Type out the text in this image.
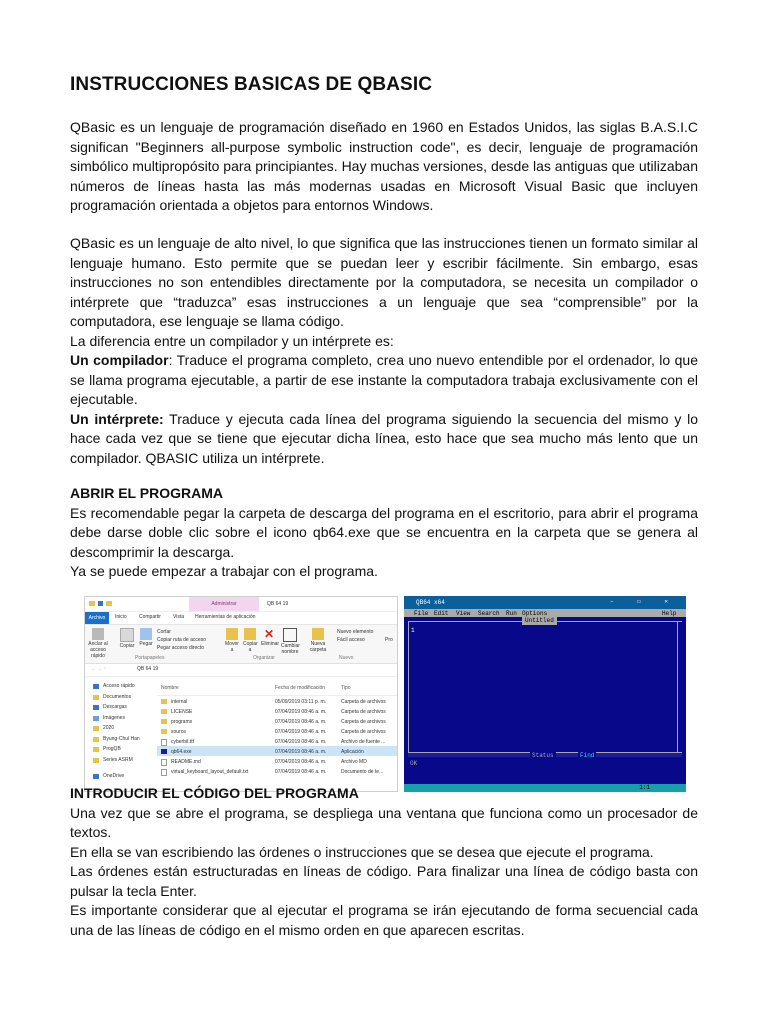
INSTRUCCIONES BASICAS DE QBASIC

QBasic es un lenguaje de programación diseñado en 1960 en Estados Unidos, las siglas B.A.S.I.C significan "Beginners all-purpose symbolic instruction code", es decir, lenguaje de programación simbólico multipropósito para principiantes. Hay muchas versiones, desde las antiguas que utilizaban números de líneas hasta las más modernas usadas en Microsoft Visual Basic que incluyen programación orientada a objetos para entornos Windows.

QBasic es un lenguaje de alto nivel, lo que significa que las instrucciones tienen un formato similar al lenguaje humano. Esto permite que se puedan leer y escribir fácilmente. Sin embargo, esas instrucciones no son entendibles directamente por la computadora, se necesita un compilador o intérprete que “traduzca” esas instrucciones a un lenguaje que sea “comprensible” por la computadora, ese lenguaje se llama código.

La diferencia entre un compilador y un intérprete es:

Un compilador: Traduce el programa completo, crea uno nuevo entendible por el ordenador, lo que se llama programa ejecutable, a partir de ese instante la computadora trabaja exclusivamente con el ejecutable.

Un intérprete: Traduce y ejecuta cada línea del programa siguiendo la secuencia del mismo y lo hace cada vez que se tiene que ejecutar dicha línea, esto hace que sea mucho más lento que un compilador. QBASIC utiliza un intérprete.

ABRIR EL PROGRAMA

Es recomendable pegar la carpeta de descarga del programa en el escritorio, para abrir el programa debe darse doble clic sobre el icono qb64.exe que se encuentra en la carpeta que se genera al descomprimir la descarga.

Ya se puede empezar a trabajar con el programa.

Administrar	QB 64 19
Archivo	Inicio Compartir Vista Herramientas de aplicación
Anclar al acceso rápido
Copiar Pegar
Cortar
Copiar ruta de acceso
Pegar acceso directo
Mover a
Copiar a
✕
Eliminar Cambiar nombre
Nueva carpeta
Nuevo elemento
Fácil acceso	Pro
Portapapeles	Organizar	Nuevo
← → ↑	QB 64 19
Acceso rápido
Documentos
Descargas
Imágenes
2020
Byung-Chul Han
ProgQB
Series ASRM
OneDrive
Nombre	Fecha de modificación	Tipo
internal	05/09/2019 03:11 p. m.	Carpeta de archivos
LICENSE	07/04/2019 08:46 a. m.	Carpeta de archivos
programs	07/04/2019 08:46 a. m.	Carpeta de archivos
source	07/04/2019 08:46 a. m.	Carpeta de archivos
cyberbit.ttf	07/04/2019 08:46 a. m.	Archivo de fuente ...
qb64.exe	07/04/2019 08:46 a. m.	Aplicación
README.md	07/04/2019 08:46 a. m.	Archivo MD
virtual_keyboard_layout_default.txt	07/04/2019 08:46 a. m.	Documento de te...
QB64 x64	– ☐ ✕
File Edit View Search Run Options	Help
Untitled
1
Status	Find
OK
1:1

INTRODUCIR EL CÓDIGO DEL PROGRAMA

Una vez que se abre el programa, se despliega una ventana que funciona como un procesador de textos.

En ella se van escribiendo las órdenes o instrucciones que se desea que ejecute el programa.

Las órdenes están estructuradas en líneas de código. Para finalizar una línea de código basta con pulsar la tecla Enter.

Es importante considerar que al ejecutar el programa se irán ejecutando de forma secuencial cada una de las líneas de código en el mismo orden en que aparecen escritas.
